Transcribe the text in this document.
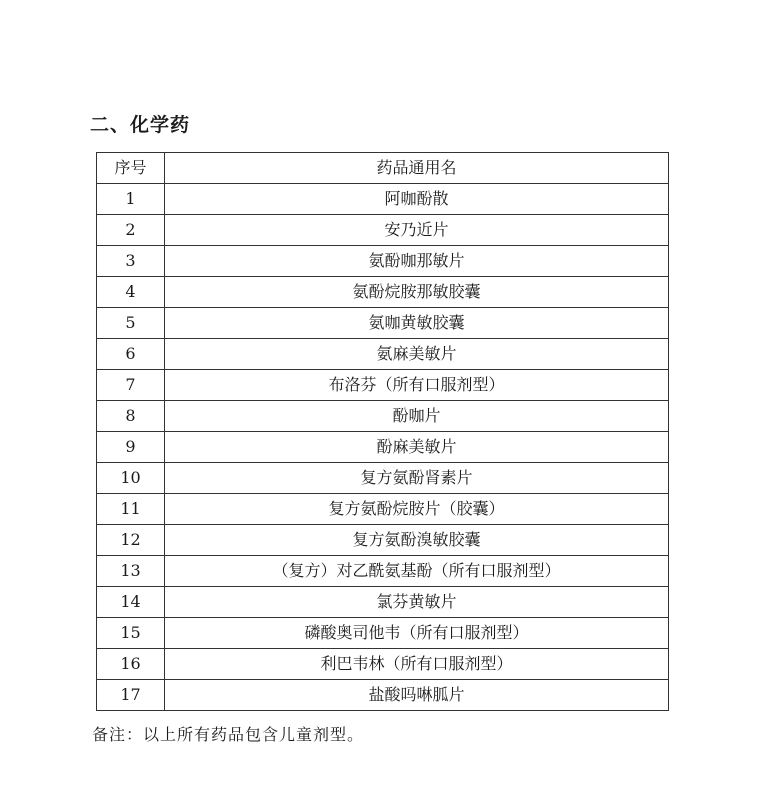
二、化学药
序号	药品通用名
1	阿咖酚散
2	安乃近片
3	氨酚咖那敏片
4	氨酚烷胺那敏胶囊
5	氨咖黄敏胶囊
6	氨麻美敏片
7	布洛芬（所有口服剂型）
8	酚咖片
9	酚麻美敏片
10	复方氨酚肾素片
11	复方氨酚烷胺片（胶囊）
12	复方氨酚溴敏胶囊
13	（复方）对乙酰氨基酚（所有口服剂型）
14	氯芬黄敏片
15	磷酸奥司他韦（所有口服剂型）
16	利巴韦林（所有口服剂型）
17	盐酸吗啉胍片
备注：以上所有药品包含儿童剂型。
